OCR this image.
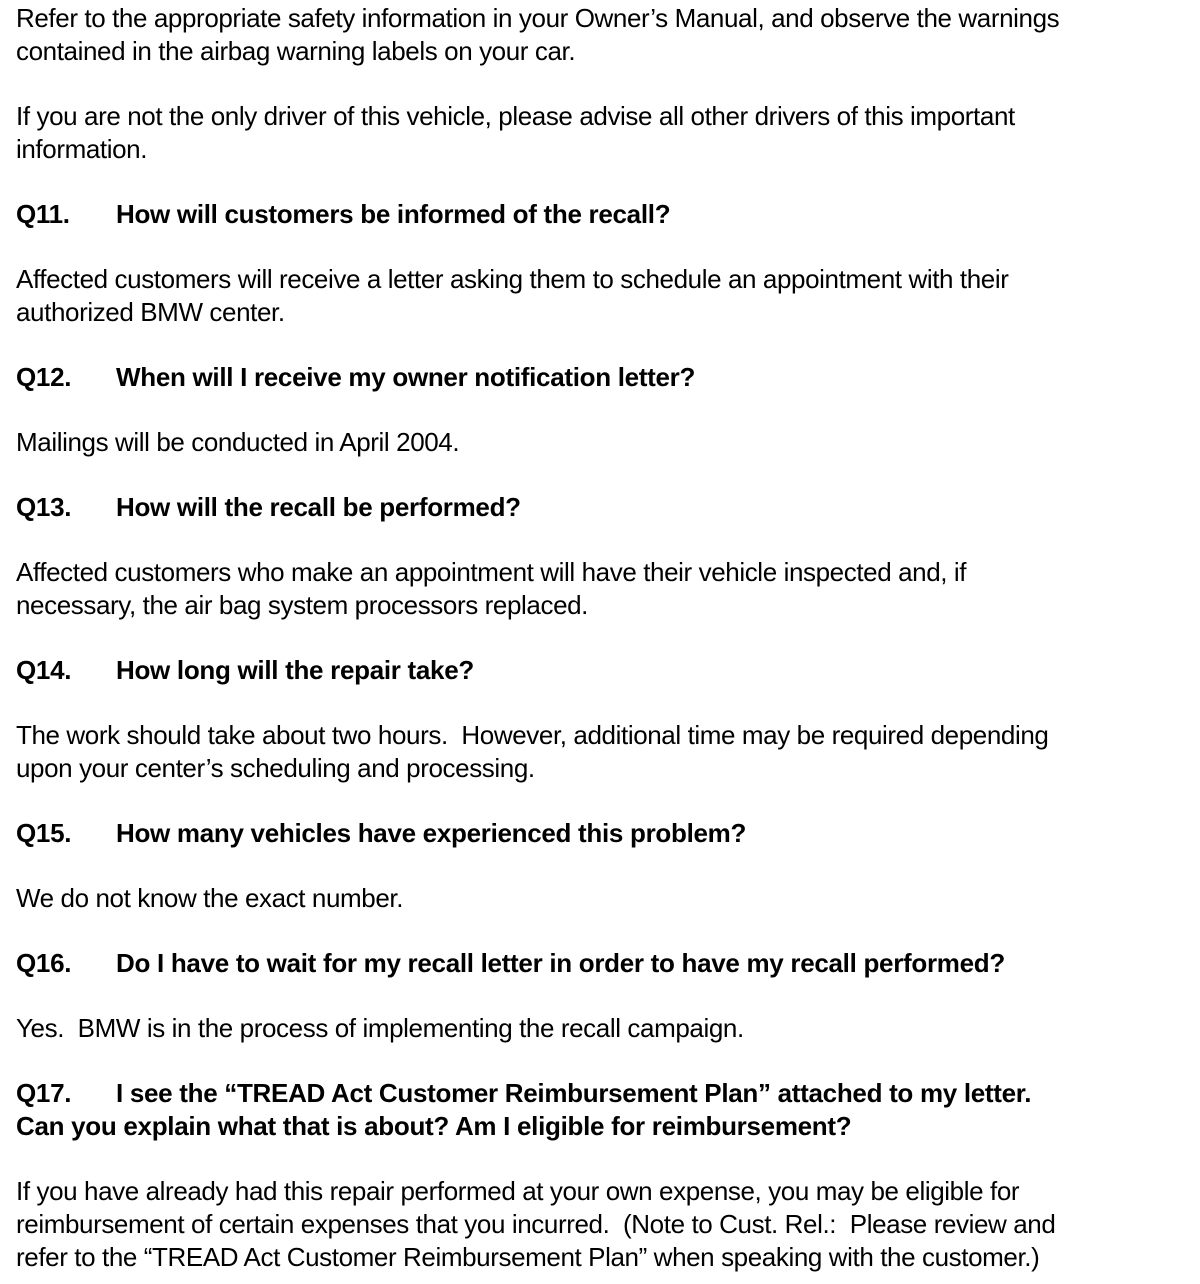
Refer to the appropriate safety information in your Owner’s Manual, and observe the warnings

contained in the airbag warning labels on your car.

If you are not the only driver of this vehicle, please advise all other drivers of this important

information.

Q11. How will customers be informed of the recall?

Affected customers will receive a letter asking them to schedule an appointment with their

authorized BMW center.

Q12. When will I receive my owner notification letter?

Mailings will be conducted in April 2004.

Q13. How will the recall be performed?

Affected customers who make an appointment will have their vehicle inspected and, if

necessary, the air bag system processors replaced.

Q14. How long will the repair take?

The work should take about two hours.  However, additional time may be required depending

upon your center’s scheduling and processing.

Q15. How many vehicles have experienced this problem?

We do not know the exact number.

Q16. Do I have to wait for my recall letter in order to have my recall performed?

Yes.  BMW is in the process of implementing the recall campaign.

Q17. I see the “TREAD Act Customer Reimbursement Plan” attached to my letter.

Can you explain what that is about? Am I eligible for reimbursement?

If you have already had this repair performed at your own expense, you may be eligible for

reimbursement of certain expenses that you incurred.  (Note to Cust. Rel.:  Please review and

refer to the “TREAD Act Customer Reimbursement Plan” when speaking with the customer.)
